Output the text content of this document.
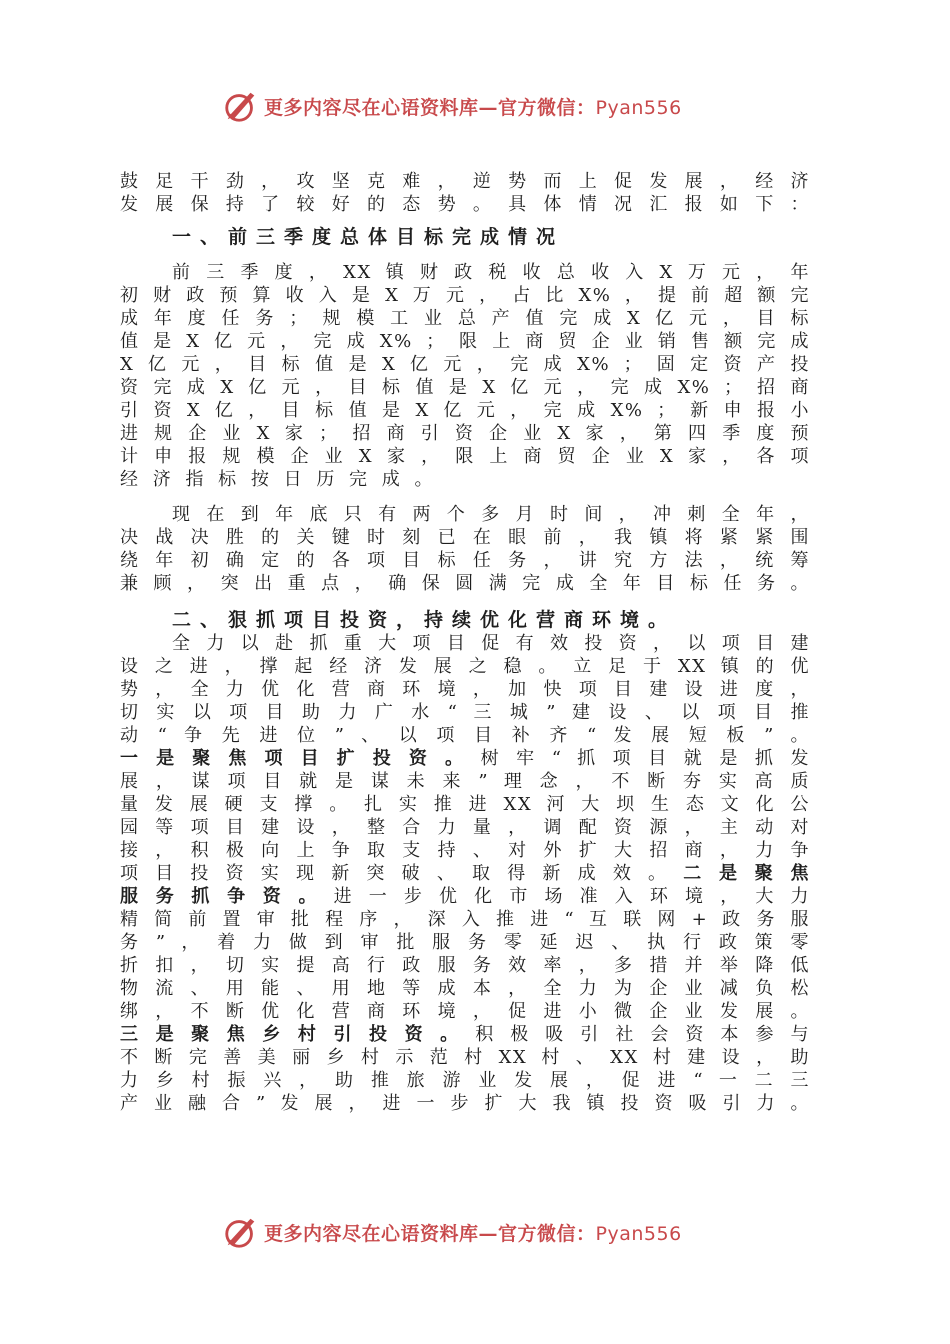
更多内容尽在心语资料库—官方微信：Pyan556

鼓 足 干 劲 ， 攻 坚 克 难 ， 逆 势 而 上 促 发 展 ， 经 济
发 展 保 持 了 较 好 的 态 势 。 具 体 情 况 汇 报 如 下 ：

一、前三季度总体目标完成情况

前 三 季 度 ， XX 镇 财 政 税 收 总 收 入 X 万 元 ， 年
初 财 政 预 算 收 入 是 X 万 元 ， 占 比 X% ， 提 前 超 额 完
成 年 度 任 务 ； 规 模 工 业 总 产 值 完 成 X 亿 元 ， 目 标
值 是 X 亿 元 ， 完 成 X% ； 限 上 商 贸 企 业 销 售 额 完 成
X 亿 元 ， 目 标 值 是 X 亿 元 ， 完 成 X% ； 固 定 资 产 投
资 完 成 X 亿 元 ， 目 标 值 是 X 亿 元 ， 完 成 X% ； 招 商
引 资 X 亿 ， 目 标 值 是 X 亿 元 ， 完 成 X% ； 新 申 报 小
进 规 企 业 X 家 ； 招 商 引 资 企 业 X 家 ， 第 四 季 度 预
计 申 报 规 模 企 业 X 家 ， 限 上 商 贸 企 业 X 家 ， 各 项
经 济 指 标 按 日 历 完 成 。

现 在 到 年 底 只 有 两 个 多 月 时 间 ， 冲 刺 全 年 ，
决 战 决 胜 的 关 键 时 刻 已 在 眼 前 ， 我 镇 将 紧 紧 围
绕 年 初 确 定 的 各 项 目 标 任 务 ， 讲 究 方 法 ， 统 筹
兼 顾 ， 突 出 重 点 ， 确 保 圆 满 完 成 全 年 目 标 任 务 。

二、狠抓项目投资，持续优化营商环境。

全 力 以 赴 抓 重 大 项 目 促 有 效 投 资 ， 以 项 目 建
设 之 进 ， 撑 起 经 济 发 展 之 稳 。 立 足 于 XX 镇 的 优
势 ， 全 力 优 化 营 商 环 境 ， 加 快 项 目 建 设 进 度 ，
切 实 以 项 目 助 力 广 水 “ 三 城 ” 建 设 、 以 项 目 推
动 “ 争 先 进 位 ” 、 以 项 目 补 齐 “ 发 展 短 板 ” 。
一 是 聚 焦 项 目 扩 投 资 。 树 牢 “ 抓 项 目 就 是 抓 发
展 ， 谋 项 目 就 是 谋 未 来 ” 理 念 ， 不 断 夯 实 高 质
量 发 展 硬 支 撑 。 扎 实 推 进 XX 河 大 坝 生 态 文 化 公
园 等 项 目 建 设 ， 整 合 力 量 ， 调 配 资 源 ， 主 动 对
接 ， 积 极 向 上 争 取 支 持 、 对 外 扩 大 招 商 ， 力 争
项 目 投 资 实 现 新 突 破 、 取 得 新 成 效 。 二 是 聚 焦
服 务 抓 争 资 。 进 一 步 优 化 市 场 准 入 环 境 ， 大 力
精 简 前 置 审 批 程 序 ， 深 入 推 进 “ 互 联 网 + 政 务 服
务 ” ， 着 力 做 到 审 批 服 务 零 延 迟 、 执 行 政 策 零
折 扣 ， 切 实 提 高 行 政 服 务 效 率 ， 多 措 并 举 降 低
物 流 、 用 能 、 用 地 等 成 本 ， 全 力 为 企 业 减 负 松
绑 ， 不 断 优 化 营 商 环 境 ， 促 进 小 微 企 业 发 展 。
三 是 聚 焦 乡 村 引 投 资 。 积 极 吸 引 社 会 资 本 参 与
不 断 完 善 美 丽 乡 村 示 范 村 XX 村 、 XX 村 建 设 ， 助
力 乡 村 振 兴 ， 助 推 旅 游 业 发 展 ， 促 进 “ 一 二 三
产 业 融 合 ” 发 展 ， 进 一 步 扩 大 我 镇 投 资 吸 引 力 。

更多内容尽在心语资料库—官方微信：Pyan556
